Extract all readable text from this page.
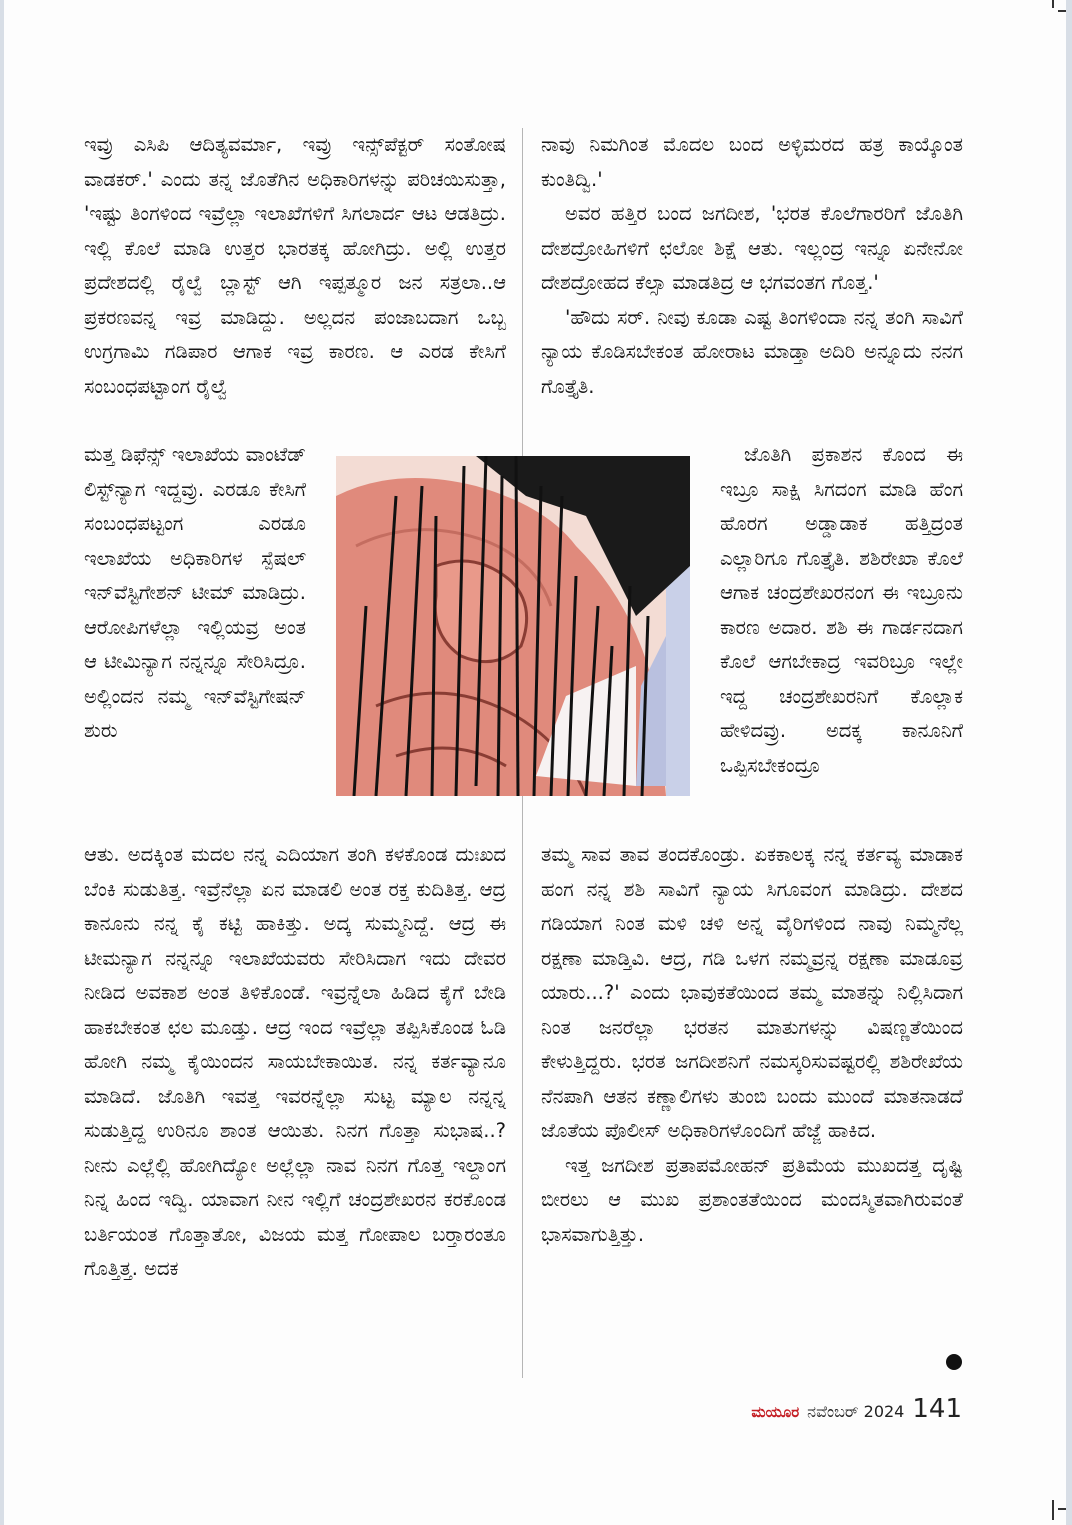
ಇವ್ರು ಎಸಿಪಿ ಆದಿತ್ಯವರ್ಮಾ, ಇವ್ರು ಇನ್ಸ್‌ಪೆಕ್ಟರ್ ಸಂತೋಷ ವಾಡಕರ್.' ಎಂದು ತನ್ನ ಜೊತೆಗಿನ ಅಧಿಕಾರಿಗಳನ್ನು ಪರಿಚಯಿಸುತ್ತಾ, 'ಇಷ್ಟು ತಿಂಗಳಿಂದ ಇವ್ರೆಲ್ಲಾ ಇಲಾಖೆಗಳಿಗೆ ಸಿಗಲಾರ್ದ ಆಟ ಆಡತಿದ್ರು. ಇಲ್ಲಿ ಕೊಲೆ ಮಾಡಿ ಉತ್ತರ ಭಾರತಕ್ಕ ಹೋಗಿದ್ರು. ಅಲ್ಲಿ ಉತ್ತರ ಪ್ರದೇಶದಲ್ಲಿ ರೈಲ್ವೆ ಬ್ಲಾಸ್ಟ್ ಆಗಿ ಇಪ್ಪತ್ಮೂರ ಜನ ಸತ್ರಲಾ..ಆ ಪ್ರಕರಣವನ್ನ ಇವ್ರ ಮಾಡಿದ್ದು. ಅಲ್ಲದನ ಪಂಜಾಬದಾಗ ಒಬ್ಬ ಉಗ್ರಗಾಮಿ ಗಡಿಪಾರ ಆಗಾಕ ಇವ್ರ ಕಾರಣ. ಆ ಎರಡ ಕೇಸಿಗೆ ಸಂಬಂಧಪಟ್ಟಾಂಗ ರೈಲ್ವೆ

ಮತ್ತ ಡಿಫೆನ್ಸ್ ಇಲಾಖೆಯ ವಾಂಟೆಡ್ ಲಿಸ್ಟ್‌ನ್ಯಾಗ ಇದ್ದವ್ರು. ಎರಡೂ ಕೇಸಿಗೆ ಸಂಬಂಧಪಟ್ಟಂಗ ಎರಡೂ ಇಲಾಖೆಯ ಅಧಿಕಾರಿಗಳ ಸ್ಪೆಷಲ್ ಇನ್‌ವೆಸ್ಟಿಗೇಶನ್ ಟೀಮ್ ಮಾಡಿದ್ರು. ಆರೋಪಿಗಳೆಲ್ಲಾ ಇಲ್ಲಿಯವ್ರ ಅಂತ ಆ ಟೀಮಿನ್ಯಾಗ ನನ್ನನ್ನೂ ಸೇರಿಸಿದ್ರೂ. ಅಲ್ಲಿಂದನ ನಮ್ಮ ಇನ್‌ವೆಸ್ಟಿಗೇಷನ್ ಶುರು

ಆತು. ಅದಕ್ಕಿಂತ ಮದಲ ನನ್ನ ಎದಿಯಾಗ ತಂಗಿ ಕಳಕೊಂಡ ದುಃಖದ ಬೆಂಕಿ ಸುಡುತಿತ್ತ. ಇವ್ರೆನೆಲ್ಲಾ ಏನ ಮಾಡಲಿ ಅಂತ ರಕ್ತ ಕುದಿತಿತ್ತ. ಆದ್ರ ಕಾನೂನು ನನ್ನ ಕೈ ಕಟ್ಟಿ ಹಾಕಿತ್ತು. ಅದ್ಕ ಸುಮ್ಮನಿದ್ದೆ. ಆದ್ರ ಈ ಟೀಮನ್ಯಾಗ ನನ್ನನ್ನೂ ಇಲಾಖೆಯವರು ಸೇರಿಸಿದಾಗ ಇದು ದೇವರ ನೀಡಿದ ಅವಕಾಶ ಅಂತ ತಿಳಿಕೊಂಡೆ. ಇವ್ರನ್ನೆಲಾ ಹಿಡಿದ ಕೈಗೆ ಬೇಡಿ ಹಾಕಬೇಕಂತ ಛಲ ಮೂಡ್ತು. ಆದ್ರ ಇಂದ ಇವ್ರೆಲ್ಲಾ ತಪ್ಪಿಸಿಕೊಂಡ ಓಡಿ ಹೋಗಿ ನಮ್ಮ ಕೈಯಿಂದನ ಸಾಯಬೇಕಾಯಿತ. ನನ್ನ ಕರ್ತವ್ಯಾನೂ ಮಾಡಿದೆ. ಜೊತಿಗಿ ಇವತ್ತ ಇವರನ್ನೆಲ್ಲಾ ಸುಟ್ಟ ಮ್ಯಾಲ ನನ್ನನ್ನ ಸುಡುತ್ತಿದ್ದ ಉರಿನೂ ಶಾಂತ ಆಯಿತು. ನಿನಗ ಗೊತ್ತಾ ಸುಭಾಷ..? ನೀನು ಎಲ್ಲೆಲ್ಲಿ ಹೋಗಿದ್ಯೋ ಅಲ್ಲೆಲ್ಲಾ ನಾವ ನಿನಗ ಗೊತ್ತ ಇಲ್ದಾಂಗ ನಿನ್ನ ಹಿಂದ ಇದ್ವಿ. ಯಾವಾಗ ನೀನ ಇಲ್ಲಿಗೆ ಚಂದ್ರಶೇಖರನ ಕರಕೊಂಡ ಬರ್ತಿಯಂತ ಗೊತ್ತಾತೋ, ವಿಜಯ ಮತ್ತ ಗೋಪಾಲ ಬರ್‍ತಾರಂತೂ ಗೊತ್ತಿತ್ತ. ಅದಕ

ನಾವು ನಿಮಗಿಂತ ಮೊದಲ ಬಂದ ಅಳ್ಳಿಮರದ ಹತ್ರ ಕಾಯ್ಕೊಂತ ಕುಂತಿದ್ವಿ.'

ಅವರ ಹತ್ತಿರ ಬಂದ ಜಗದೀಶ, 'ಭರತ ಕೊಲೆಗಾರರಿಗೆ ಜೊತಿಗಿ ದೇಶದ್ರೋಹಿಗಳಿಗೆ ಛಲೋ ಶಿಕ್ಷೆ ಆತು. ಇಲ್ಲಂದ್ರ ಇನ್ನೂ ಏನೇನೋ ದೇಶದ್ರೋಹದ ಕೆಲ್ಸಾ ಮಾಡತಿದ್ರ ಆ ಭಗವಂತಗ ಗೊತ್ತ.'

'ಹೌದು ಸರ್. ನೀವು ಕೂಡಾ ಎಷ್ಟ ತಿಂಗಳಿಂದಾ ನನ್ನ ತಂಗಿ ಸಾವಿಗೆ ನ್ಯಾಯ ಕೊಡಿಸಬೇಕಂತ ಹೋರಾಟ ಮಾಡ್ತಾ ಅದಿರಿ ಅನ್ನೂದು ನನಗ ಗೊತ್ತೈತಿ.

ಜೊತಿಗಿ ಪ್ರಕಾಶನ ಕೊಂದ ಈ ಇಬ್ರೂ ಸಾಕ್ಷಿ ಸಿಗದಂಗ ಮಾಡಿ ಹೆಂಗ ಹೊರಗ ಅಡ್ಡಾಡಾಕ ಹತ್ತಿದ್ರಂತ ಎಲ್ಲಾರಿಗೂ ಗೊತ್ತೈತಿ. ಶಶಿರೇಖಾ ಕೊಲೆ ಆಗಾಕ ಚಂದ್ರಶೇಖರನಂಗ ಈ ಇಬ್ರೂನು ಕಾರಣ ಅದಾರ. ಶಶಿ ಈ ಗಾರ್ಡನದಾಗ ಕೊಲೆ ಆಗಬೇಕಾದ್ರ ಇವರಿಬ್ರೂ ಇಲ್ಲೇ ಇದ್ದ ಚಂದ್ರಶೇಖರನಿಗೆ ಕೊಲ್ಲಾಕ ಹೇಳಿದವ್ರು. ಅದಕ್ಕ ಕಾನೂನಿಗೆ ಒಪ್ಪಿಸಬೇಕಂದ್ರೂ

ತಮ್ಮ ಸಾವ ತಾವ ತಂದಕೊಂಡ್ರು. ಏಕಕಾಲಕ್ಕ ನನ್ನ ಕರ್ತವ್ಯ ಮಾಡಾಕ ಹಂಗ ನನ್ನ ಶಶಿ ಸಾವಿಗೆ ನ್ಯಾಯ ಸಿಗೂವಂಗ ಮಾಡಿದ್ರು. ದೇಶದ ಗಡಿಯಾಗ ನಿಂತ ಮಳಿ ಚಳಿ ಅನ್ನ ವೈರಿಗಳಿಂದ ನಾವು ನಿಮ್ಮನೆಲ್ಲ ರಕ್ಷಣಾ ಮಾಡ್ತಿವಿ. ಆದ್ರ, ಗಡಿ ಒಳಗ ನಮ್ಮವ್ರನ್ನ ರಕ್ಷಣಾ ಮಾಡೂವ್ರ ಯಾರು...?' ಎಂದು ಭಾವುಕತೆಯಿಂದ ತಮ್ಮ ಮಾತನ್ನು ನಿಲ್ಲಿಸಿದಾಗ ನಿಂತ ಜನರೆಲ್ಲಾ ಭರತನ ಮಾತುಗಳನ್ನು ವಿಷಣ್ಣತೆಯಿಂದ ಕೇಳುತ್ತಿದ್ದರು. ಭರತ ಜಗದೀಶನಿಗೆ ನಮಸ್ಕರಿಸುವಷ್ಟರಲ್ಲಿ ಶಶಿರೇಖೆಯ ನೆನಪಾಗಿ ಆತನ ಕಣ್ಣಾಲಿಗಳು ತುಂಬಿ ಬಂದು ಮುಂದೆ ಮಾತನಾಡದೆ ಜೊತೆಯ ಪೊಲೀಸ್ ಅಧಿಕಾರಿಗಳೊಂದಿಗೆ ಹೆಜ್ಜೆ ಹಾಕಿದ.

ಇತ್ತ ಜಗದೀಶ ಪ್ರತಾಪಮೋಹನ್ ಪ್ರತಿಮೆಯ ಮುಖದತ್ತ ದೃಷ್ಟಿ ಬೀರಲು ಆ ಮುಖ ಪ್ರಶಾಂತತೆಯಿಂದ ಮಂದಸ್ಮಿತವಾಗಿರುವಂತೆ ಭಾಸವಾಗುತ್ತಿತ್ತು.

ಮಯೂರ ನವೆಂಬರ್ 2024 141
